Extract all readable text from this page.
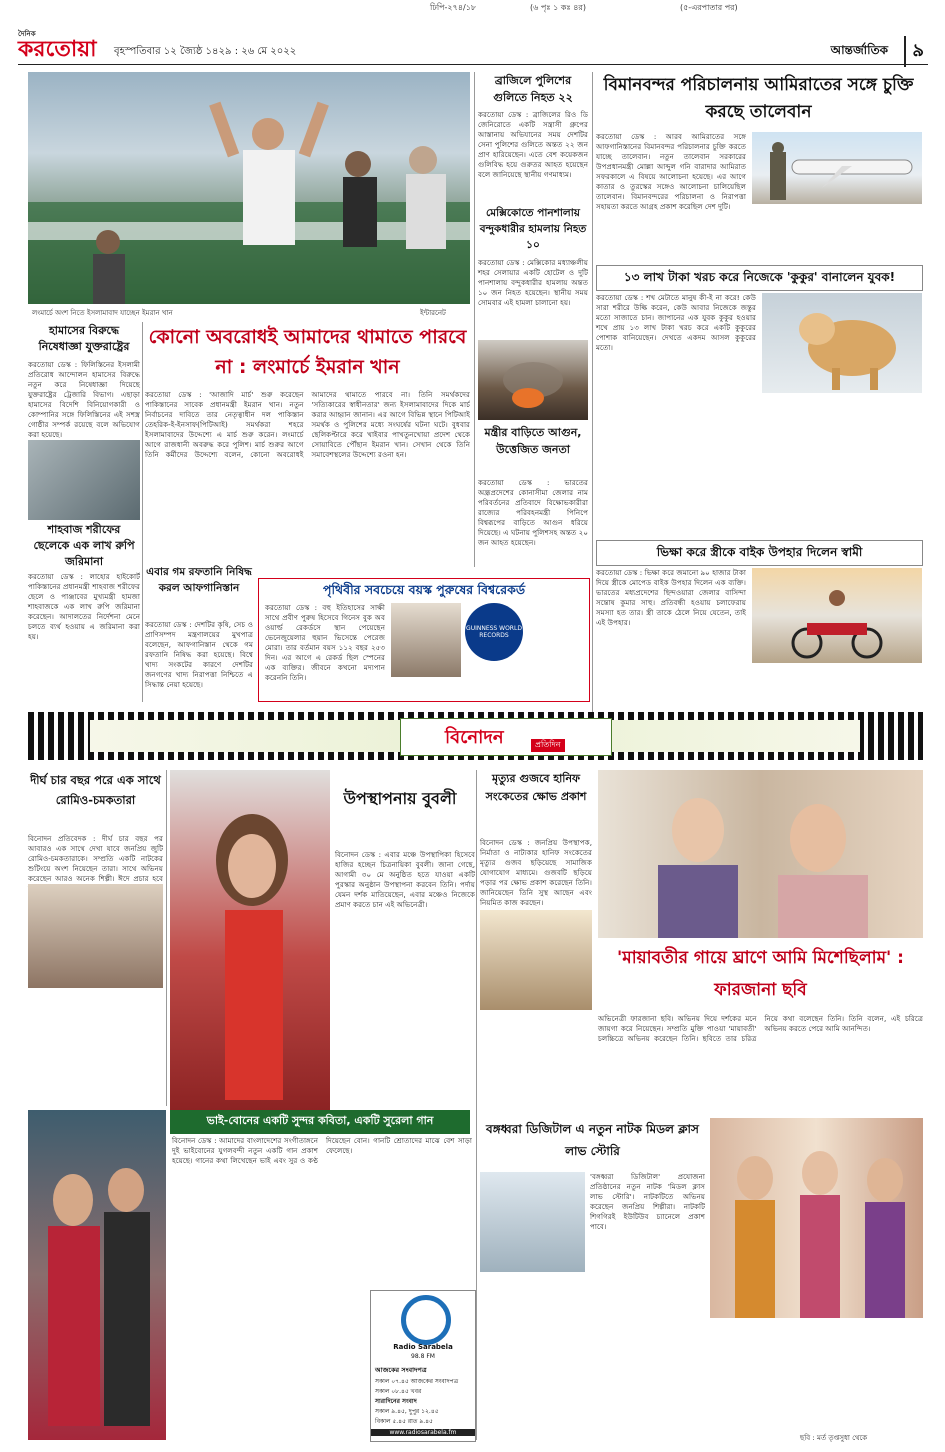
ঢিপি-২৭৪/১৮	(৬ পৃঃ ১ কঃ ৪র)	(৫-এরপাতার পর)
দৈনিক
করতোয়া বৃহস্পতিবার ১২ জ্যৈষ্ঠ ১৪২৯ : ২৬ মে ২০২২	আন্তর্জাতিক	৯
লংমার্চে অংশ নিতে ইসলামাবাদ যাচ্ছেন ইমরান খান	ইন্টারনেট
কোনো অবরোধই আমাদের থামাতে পারবে না : লংমার্চে ইমরান খান
করতোয়া ডেস্ক : 'আজাদি মার্চ' শুরু করেছেন পাকিস্তানের সাবেক প্রধানমন্ত্রী ইমরান খান। নতুন নির্বাচনের দাবিতে তার নেতৃত্বাধীন দল পাকিস্তান তেহরিক-ই-ইনসাফ(পিটিআই) সমর্থকরা শহরে ইসলামাবাদের উদ্দেশ্যে এ মার্চ শুরু করেন। লংমার্চে আগে রাজধানী অবরুদ্ধ করে পুলিশ। মার্চ শুরুর আগে তিনি কর্মীদের উদ্দেশ্যে বলেন, কোনো অবরোধই আমাদের থামাতে পারবে না। তিনি সমর্থকদের 'সত্যিকারের স্বাধীনতার' জন্য ইসলামাবাদের দিকে মার্চ করার আহ্বান জানান। এর আগে বিভিন্ন স্থানে পিটিআই সমর্থক ও পুলিশের মধ্যে সংঘর্ষের ঘটনা ঘটে। বুধবার ছেলিকপ্টারে করে খাইবার পাখতুনখোয়া প্রদেশ থেকে সোয়াবিতে পৌঁছান ইমরান খান। সেখান থেকে তিনি সমাবেশস্থলের উদ্দেশ্যে রওনা হন।
হামাসের বিরুদ্ধে নিষেধাজ্ঞা যুক্তরাষ্ট্রের
করতোয়া ডেস্ক : ফিলিস্তিনের ইসলামী প্রতিরোধ আন্দোলন হামাসের বিরুদ্ধে নতুন করে নিষেধাজ্ঞা দিয়েছে যুক্তরাষ্ট্রের ট্রেজারি বিভাগ। এছাড়া হামাসের বিদেশি বিনিয়োগকারী ও কোম্পানির সঙ্গে ফিলিস্তিনের এই সশস্ত্র গোষ্ঠীর সম্পর্ক রয়েছে বলে অভিযোগ করা হয়েছে।
শাহবাজ শরীফের ছেলেকে এক লাখ রুপি জরিমানা
করতোয়া ডেস্ক : লাহোর হাইকোর্ট পাকিস্তানের প্রধানমন্ত্রী শাহবাজ শরীফের ছেলে ও পাঞ্জাবের মুখ্যমন্ত্রী হামজা শাহবাজকে এক লাখ রুপি জরিমানা করেছেন। আদালতের নির্দেশনা মেনে চলতে ব্যর্থ হওয়ায় এ জরিমানা করা হয়।
এবার গম রফতানি নিষিদ্ধ করল আফগানিস্তান
করতোয়া ডেস্ক : দেশটির কৃষি, সেচ ও প্রাণিসম্পদ মন্ত্রণালয়ের মুখপাত্র বলেছেন, আফগানিস্তান থেকে গম রফতানি নিষিদ্ধ করা হয়েছে। বিশ্বে খাদ্য সংকটের কারণে দেশটির জনগণের খাদ্য নিরাপত্তা নিশ্চিতে এ সিদ্ধান্ত নেয়া হয়েছে।
ব্রাজিলে পুলিশের গুলিতে নিহত ২২
করতোয়া ডেস্ক : ব্রাজিলের রিও ডি জেনিরোতে একটি সন্ত্রাসী গ্রুপের আস্তানায় অভিযানের সময় দেশটির সেনা পুলিশের গুলিতে অন্তত ২২ জন প্রাণ হারিয়েছেন। এতে বেশ কয়েকজন গুলিবিদ্ধ হয়ে গুরুতর আহত হয়েছেন বলে জানিয়েছে স্থানীয় গণমাধ্যম।
মেক্সিকোতে পানশালায় বন্দুকধারীর হামলায় নিহত ১০
করতোয়া ডেস্ক : মেক্সিকোর মধ্যাঞ্চলীয় শহর সেলায়ার একটি হোটেল ও দুটি পানশালায় বন্দুকধারীর হামলায় অন্তত ১০ জন নিহত হয়েছেন। স্থানীয় সময় সোমবার এই হামলা চালানো হয়।
মন্ত্রীর বাড়িতে আগুন, উত্তেজিত জনতা
করতোয়া ডেস্ক : ভারতের অন্ধ্রপ্রদেশের কোনাসীমা জেলার নাম পরিবর্তনের প্রতিবাদে বিক্ষোভকারীরা রাজ্যের পরিবহনমন্ত্রী পিনিপে বিশ্বরূপের বাড়িতে আগুন ধরিয়ে দিয়েছে। এ ঘটনায় পুলিশসহ অন্তত ২০ জন আহত হয়েছেন।
বিমানবন্দর পরিচালনায় আমিরাতের সঙ্গে চুক্তি করছে তালেবান
করতোয়া ডেস্ক : আরব আমিরাতের সঙ্গে আফগানিস্তানের বিমানবন্দর পরিচালনার চুক্তি করতে যাচ্ছে তালেবান। নতুন তালেবান সরকারের উপপ্রধানমন্ত্রী মোল্লা আব্দুল গনি বারাদার আমিরাত সফরকালে এ বিষয়ে আলোচনা হয়েছে। এর আগে কাতার ও তুরস্কের সঙ্গেও আলোচনা চালিয়েছিল তালেবান। বিমানবন্দরের পরিচালনা ও নিরাপত্তা সহায়তা করতে আগ্রহ প্রকাশ করেছিল দেশ দুটি।
১৩ লাখ টাকা খরচ করে নিজেকে 'কুকুর' বানালেন যুবক!
করতোয়া ডেস্ক : শখ মেটাতে মানুষ কী-ই না করে! কেউ সারা শরীরে উল্কি করেন, কেউ আবার নিজেকে জন্তুর মতো সাজাতে চান। জাপানের এক যুবক কুকুর হওয়ার শখে প্রায় ১৩ লাখ টাকা খরচ করে একটি কুকুরের পোশাক বানিয়েছেন। দেখতে একদম আসল কুকুরের মতো।
ভিক্ষা করে স্ত্রীকে বাইক উপহার দিলেন স্বামী
করতোয়া ডেস্ক : ভিক্ষা করে জমানো ৯০ হাজার টাকা দিয়ে স্ত্রীকে মোপেড বাইক উপহার দিলেন এক ব্যক্তি। ভারতের মধ্যপ্রদেশের ছিন্দওয়ারা জেলার বাসিন্দা সন্তোষ কুমার সাহু। প্রতিবন্ধী হওয়ায় চলাফেরায় সমস্যা হত তার। স্ত্রী তাকে ঠেলে নিয়ে যেতেন, তাই এই উপহার।
পৃথিবীর সবচেয়ে বয়স্ক পুরুষের বিশ্বরেকর্ড
করতোয়া ডেস্ক : বহু ইতিহাসের সাক্ষী সাথে প্রবীণ পুরুষ হিসেবে গিনেস বুক অব ওয়ার্ল্ড রেকর্ডসে স্থান পেয়েছেন ভেনেজুয়েলার হুয়ান ভিসেন্তে পেরেজ মোরা। তার বর্তমান বয়স ১১২ বছর ২৫৩ দিন। এর আগে এ রেকর্ড ছিল স্পেনের এক ব্যক্তির। জীবনে কখনো মদ্যপান করেননি তিনি।
GUINNESS WORLD RECORDS
বিনোদন	প্রতিদিন
দীর্ঘ চার বছর পরে এক সাথে রোমিও-চমকতারা
বিনোদন প্রতিবেদক : দীর্ঘ চার বছর পর আবারও এক সাথে দেখা যাবে জনপ্রিয় জুটি রোমিও-চমকতারাকে। সম্প্রতি একটি নাটকের শুটিংয়ে অংশ নিয়েছেন তারা। সাথে অভিনয় করেছেন আরও অনেক শিল্পী। ঈদে প্রচার হবে
উপস্থাপনায় বুবলী
বিনোদন ডেস্ক : এবার মঞ্চে উপস্থাপিকা হিসেবে হাজির হচ্ছেন চিত্রনায়িকা বুবলী। জানা গেছে, আগামী ৩০ মে অনুষ্ঠিত হতে যাওয়া একটি পুরস্কার অনুষ্ঠান উপস্থাপনা করবেন তিনি। পর্দায় যেমন দর্শক মাতিয়েছেন, এবার মঞ্চেও নিজেকে প্রমাণ করতে চান এই অভিনেত্রী।
মৃত্যুর গুজবে হানিফ সংকেতের ক্ষোভ প্রকাশ
বিনোদন ডেস্ক : জনপ্রিয় উপস্থাপক, নির্মাতা ও নাট্যকার হানিফ সংকেতের মৃত্যুর গুজব ছড়িয়েছে সামাজিক যোগাযোগ মাধ্যমে। গুজবটি ছড়িয়ে পড়ার পর ক্ষোভ প্রকাশ করেছেন তিনি। জানিয়েছেন তিনি সুস্থ আছেন এবং নিয়মিত কাজ করছেন।
'মায়াবতীর গায়ে ঘ্রাণে আমি মিশেছিলাম' : ফারজানা ছবি
অভিনেত্রী ফারজানা ছবি। অভিনয় দিয়ে দর্শকের মনে জায়গা করে নিয়েছেন। সম্প্রতি মুক্তি পাওয়া 'মায়াবতী' চলচ্চিত্রে অভিনয় করেছেন তিনি। ছবিতে তার চরিত্র নিয়ে কথা বলেছেন তিনি। তিনি বলেন, এই চরিত্রে অভিনয় করতে পেরে আমি আনন্দিত।
ভাই-বোনের একটি সুন্দর কবিতা, একটি সুরেলা গান
বিনোদন ডেস্ক : আমাদের বাংলাদেশের সংগীতাঙ্গনে দুই ভাইবোনের যুগলবন্দী নতুন একটি গান প্রকাশ হয়েছে। গানের কথা লিখেছেন ভাই এবং সুর ও কণ্ঠ দিয়েছেন বোন। গানটি শ্রোতাদের মাঝে বেশ সাড়া ফেলেছে।
Radio Sarabela
98.8 FM
আজকের সংবাদপত্র
সকাল ০৭.৪৫ আজকের সংবাদপত্র
সকাল ০৮.৪৫ খবর
সারাদিনের সংবাদ
সকাল ৯.৪৫, দুপুর ১২.৪৫
বিকাল ৫.৪৫ রাত ৯.৪৫
www.radiosarabela.fm
বঙ্গধ্বরা ডিজিটাল এ নতুন নাটক মিডল ক্লাস লাভ স্টোরি
'বঙ্গধ্বরা ডিজিটাল' প্রযোজনা প্রতিষ্ঠানের নতুন নাটক 'মিডল ক্লাস লাভ স্টোরি'। নাটকটিতে অভিনয় করেছেন জনপ্রিয় শিল্পীরা। নাটকটি শিগগিরই ইউটিউব চ্যানেলে প্রকাশ পাবে।
ছবি : মর্ত তৃপ্তসুধা থেকে
